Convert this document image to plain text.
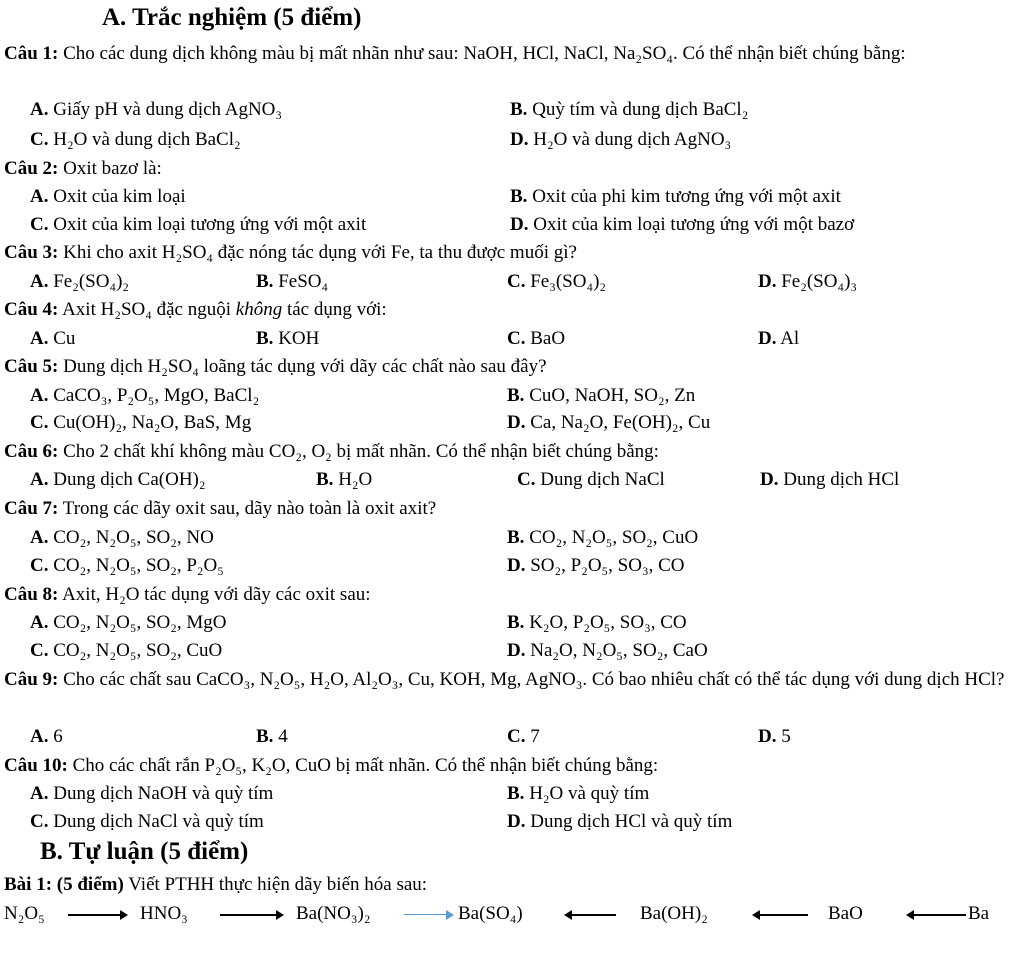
A. Trắc nghiệm (5 điểm)
Câu 1: Cho các dung dịch không màu bị mất nhãn như sau: NaOH, HCl, NaCl, Na₂SO₄. Có thể nhận biết chúng bằng:
A. Giấy pH và dung dịch AgNO₃	B. Quỳ tím và dung dịch BaCl₂
C. H₂O và dung dịch BaCl₂	D. H₂O và dung dịch AgNO₃
Câu 2: Oxit bazơ là:
A. Oxit của kim loại	B. Oxit của phi kim tương ứng với một axit
C. Oxit của kim loại tương ứng với một axit	D. Oxit của kim loại tương ứng với một bazơ
Câu 3: Khi cho axit H₂SO₄ đặc nóng tác dụng với Fe, ta thu được muối gì?
A. Fe₂(SO₄)₂	B. FeSO₄	C. Fe₃(SO₄)₂	D. Fe₂(SO₄)₃
Câu 4: Axit H₂SO₄ đặc nguội không tác dụng với:
A. Cu	B. KOH	C. BaO	D. Al
Câu 5: Dung dịch H₂SO₄ loãng tác dụng với dãy các chất nào sau đây?
A. CaCO₃, P₂O₅, MgO, BaCl₂	B. CuO, NaOH, SO₂, Zn
C. Cu(OH)₂, Na₂O, BaS, Mg	D. Ca, Na₂O, Fe(OH)₂, Cu
Câu 6: Cho 2 chất khí không màu CO₂, O₂ bị mất nhãn. Có thể nhận biết chúng bằng:
A. Dung dịch Ca(OH)₂	B. H₂O	C. Dung dịch NaCl	D. Dung dịch HCl
Câu 7: Trong các dãy oxit sau, dãy nào toàn là oxit axit?
A. CO₂, N₂O₅, SO₂, NO	B. CO₂, N₂O₅, SO₂, CuO
C. CO₂, N₂O₅, SO₂, P₂O₅	D. SO₂, P₂O₅, SO₃, CO
Câu 8: Axit, H₂O tác dụng với dãy các oxit sau:
A. CO₂, N₂O₅, SO₂, MgO	B. K₂O, P₂O₅, SO₃, CO
C. CO₂, N₂O₅, SO₂, CuO	D. Na₂O, N₂O₅, SO₂, CaO
Câu 9: Cho các chất sau CaCO₃, N₂O₅, H₂O, Al₂O₃, Cu, KOH, Mg, AgNO₃. Có bao nhiêu chất có thể tác dụng với dung dịch HCl?
A. 6	B. 4	C. 7	D. 5
Câu 10: Cho các chất rắn P₂O₅, K₂O, CuO bị mất nhãn. Có thể nhận biết chúng bằng:
A. Dung dịch NaOH và quỳ tím	B. H₂O và quỳ tím
C. Dung dịch NaCl và quỳ tím	D. Dung dịch HCl và quỳ tím
B. Tự luận (5 điểm)
Bài 1: (5 điểm) Viết PTHH thực hiện dãy biến hóa sau:
N₂O₅	HNO₃	Ba(NO₃)₂	Ba(SO₄)	Ba(OH)₂	BaO	Ba
